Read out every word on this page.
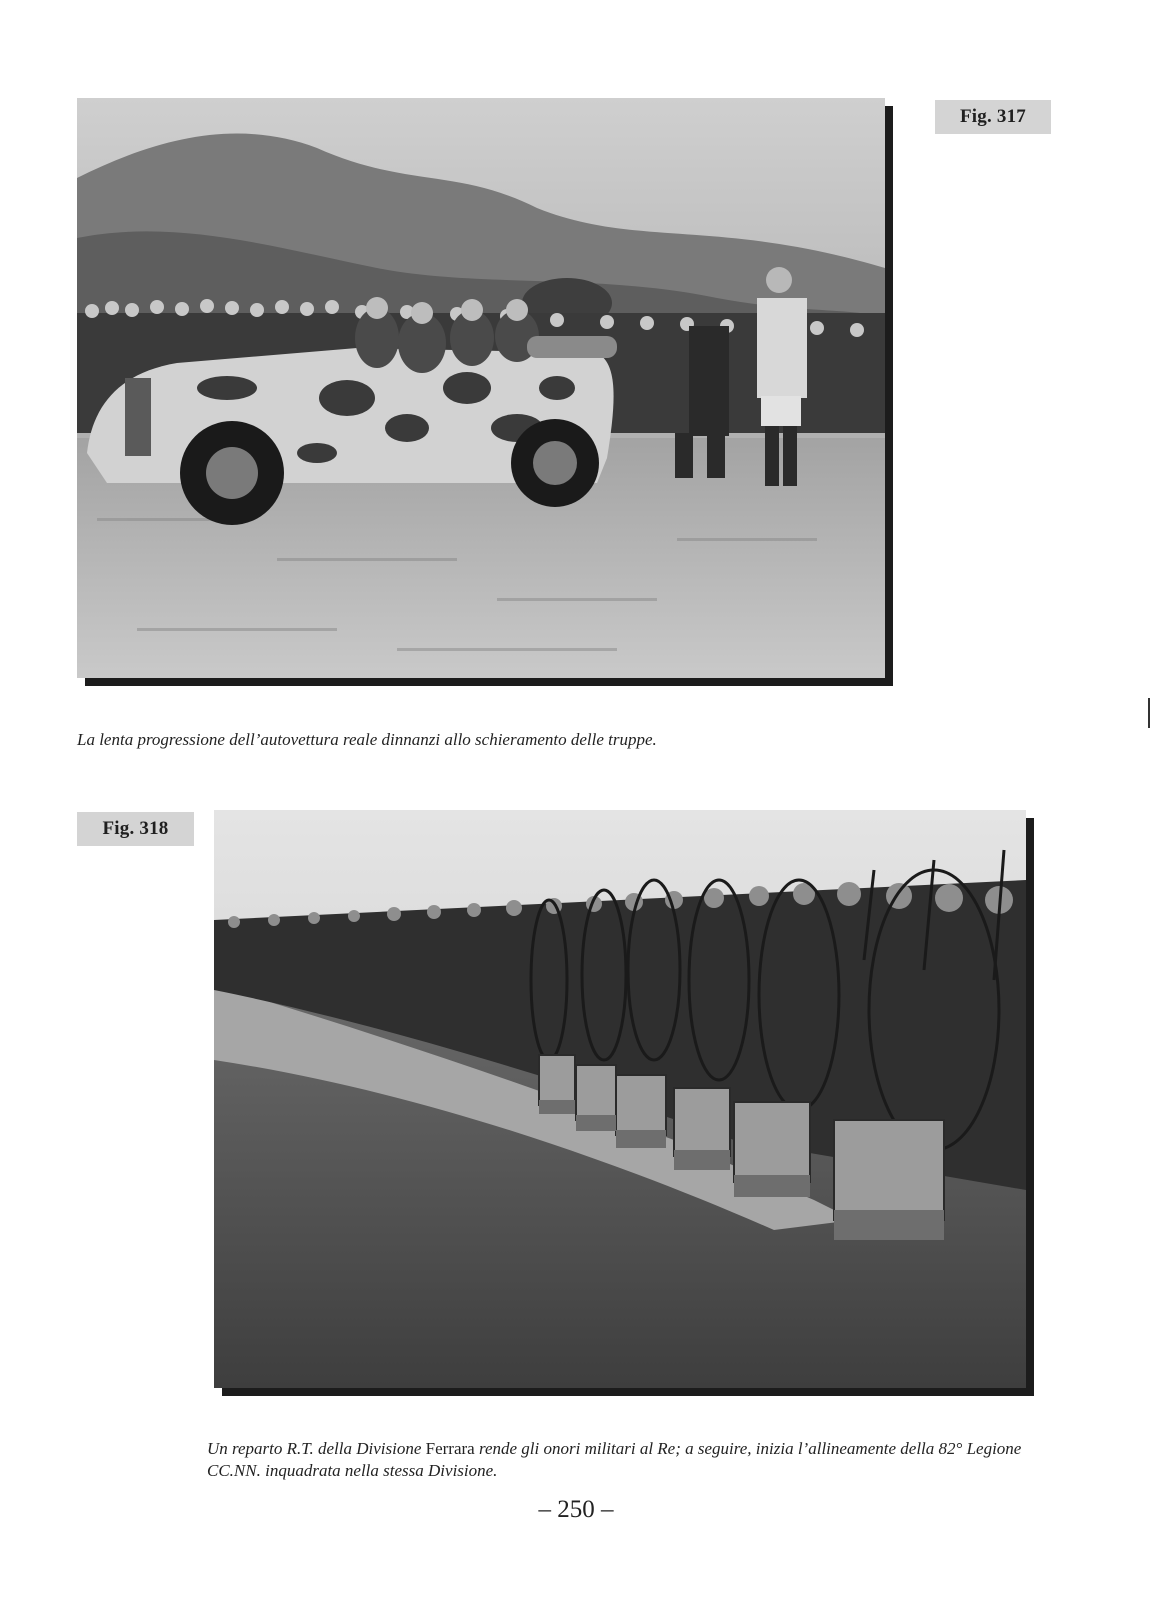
Fig. 317
La lenta progressione dell’autovettura reale dinnanzi allo schieramento delle truppe.
Fig. 318
Un reparto R.T. della Divisione Ferrara rende gli onori militari al Re; a seguire, inizia l’allineamente della 82° Legione CC.NN. inquadrata nella stessa Divisione.
– 250 –
